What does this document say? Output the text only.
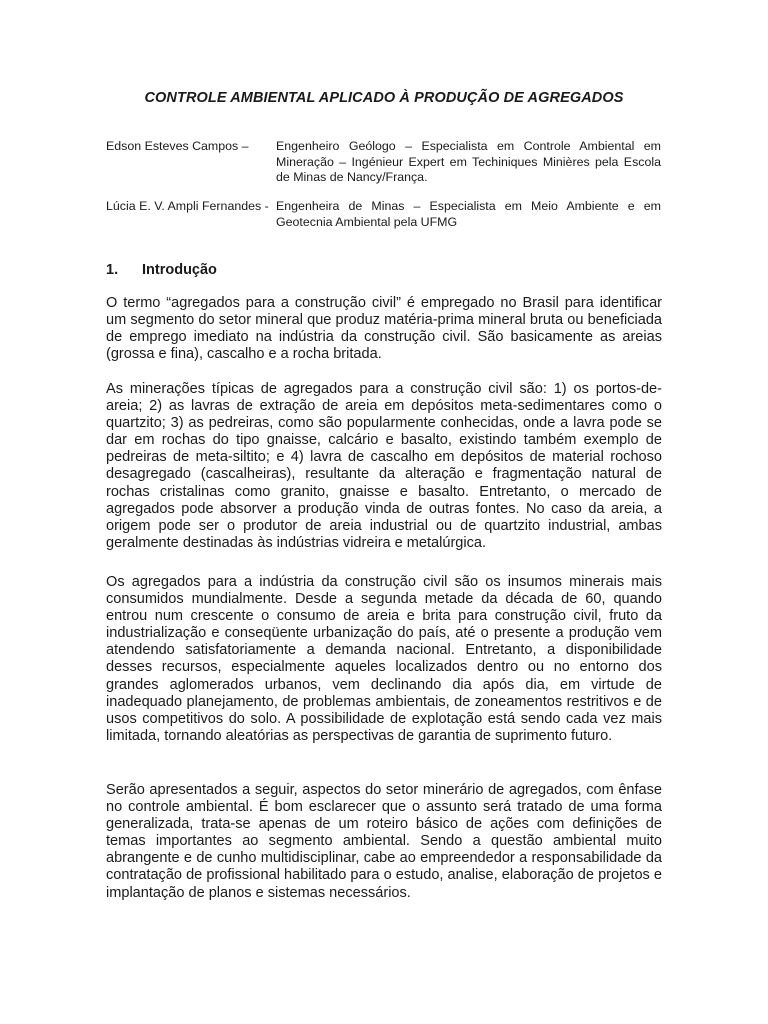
CONTROLE AMBIENTAL APLICADO À PRODUÇÃO DE AGREGADOS
Edson Esteves Campos – Engenheiro Geólogo – Especialista em Controle Ambiental em Mineração – Ingénieur Expert em Techiniques Minières pela Escola de Minas de Nancy/França.
Lúcia E. V. Ampli Fernandes - Engenheira de Minas – Especialista em Meio Ambiente e em Geotecnia Ambiental pela UFMG
1. Introdução
O termo “agregados para a construção civil” é empregado no Brasil para identificar um segmento do setor mineral que produz matéria-prima mineral bruta ou beneficiada de emprego imediato na indústria da construção civil. São basicamente as areias (grossa e fina), cascalho e a rocha britada.
As minerações típicas de agregados para a construção civil são: 1) os portos-de-areia; 2) as lavras de extração de areia em depósitos meta-sedimentares como o quartzito; 3) as pedreiras, como são popularmente conhecidas, onde a lavra pode se dar em rochas do tipo gnaisse, calcário e basalto, existindo também exemplo de pedreiras de meta-siltito; e 4) lavra de cascalho em depósitos de material rochoso desagregado (cascalheiras), resultante da alteração e fragmentação natural de rochas cristalinas como granito, gnaisse e basalto. Entretanto, o mercado de agregados pode absorver a produção vinda de outras fontes. No caso da areia, a origem pode ser o produtor de areia industrial ou de quartzito industrial, ambas geralmente destinadas às indústrias vidreira e metalúrgica.
Os agregados para a indústria da construção civil são os insumos minerais mais consumidos mundialmente. Desde a segunda metade da década de 60, quando entrou num crescente o consumo de areia e brita para construção civil, fruto da industrialização e conseqüente urbanização do país, até o presente a produção vem atendendo satisfatoriamente a demanda nacional. Entretanto, a disponibilidade desses recursos, especialmente aqueles localizados dentro ou no entorno dos grandes aglomerados urbanos, vem declinando dia após dia, em virtude de inadequado planejamento, de problemas ambientais, de zoneamentos restritivos e de usos competitivos do solo. A possibilidade de explotação está sendo cada vez mais limitada, tornando aleatórias as perspectivas de garantia de suprimento futuro.
Serão apresentados a seguir, aspectos do setor minerário de agregados, com ênfase no controle ambiental. É bom esclarecer que o assunto será tratado de uma forma generalizada, trata-se apenas de um roteiro básico de ações com definições de temas importantes ao segmento ambiental. Sendo a questão ambiental muito abrangente e de cunho multidisciplinar, cabe ao empreendedor a responsabilidade da contratação de profissional habilitado para o estudo, analise, elaboração de projetos e implantação de planos e sistemas necessários.
